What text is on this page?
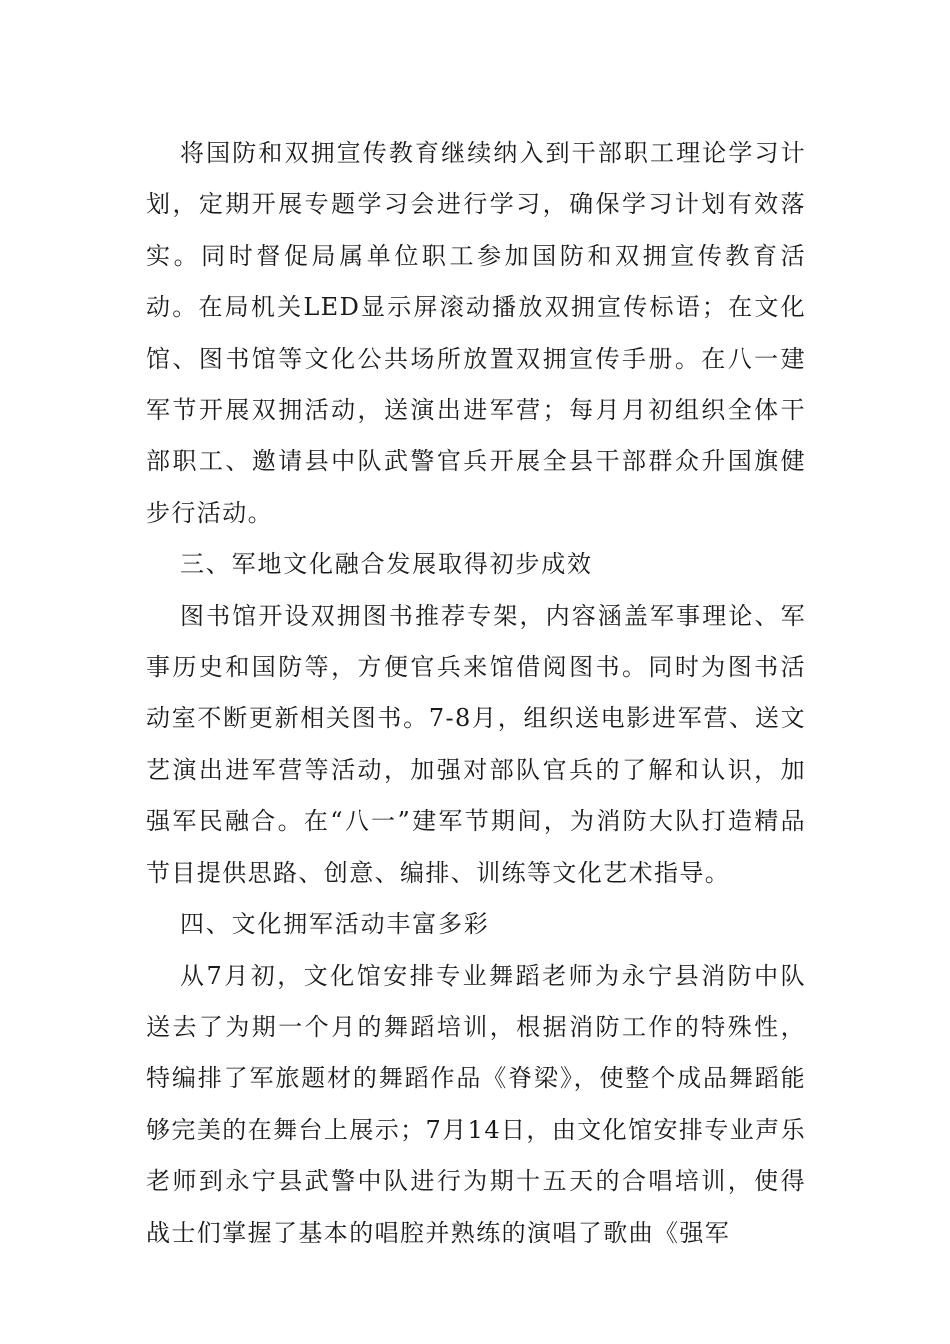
将国防和双拥宣传教育继续纳入到干部职工理论学习计划，定期开展专题学习会进行学习，确保学习计划有效落实。同时督促局属单位职工参加国防和双拥宣传教育活动。在局机关LED显示屏滚动播放双拥宣传标语；在文化馆、图书馆等文化公共场所放置双拥宣传手册。在八一建军节开展双拥活动，送演出进军营；每月月初组织全体干部职工、邀请县中队武警官兵开展全县干部群众升国旗健步行活动。

三、军地文化融合发展取得初步成效

图书馆开设双拥图书推荐专架，内容涵盖军事理论、军事历史和国防等，方便官兵来馆借阅图书。同时为图书活动室不断更新相关图书。7-8月，组织送电影进军营、送文艺演出进军营等活动，加强对部队官兵的了解和认识，加强军民融合。在“八一”建军节期间，为消防大队打造精品节目提供思路、创意、编排、训练等文化艺术指导。

四、文化拥军活动丰富多彩

从7月初，文化馆安排专业舞蹈老师为永宁县消防中队送去了为期一个月的舞蹈培训，根据消防工作的特殊性，特编排了军旅题材的舞蹈作品《脊梁》，使整个成品舞蹈能够完美的在舞台上展示；7月14日，由文化馆安排专业声乐老师到永宁县武警中队进行为期十五天的合唱培训，使得战士们掌握了基本的唱腔并熟练的演唱了歌曲《强军
